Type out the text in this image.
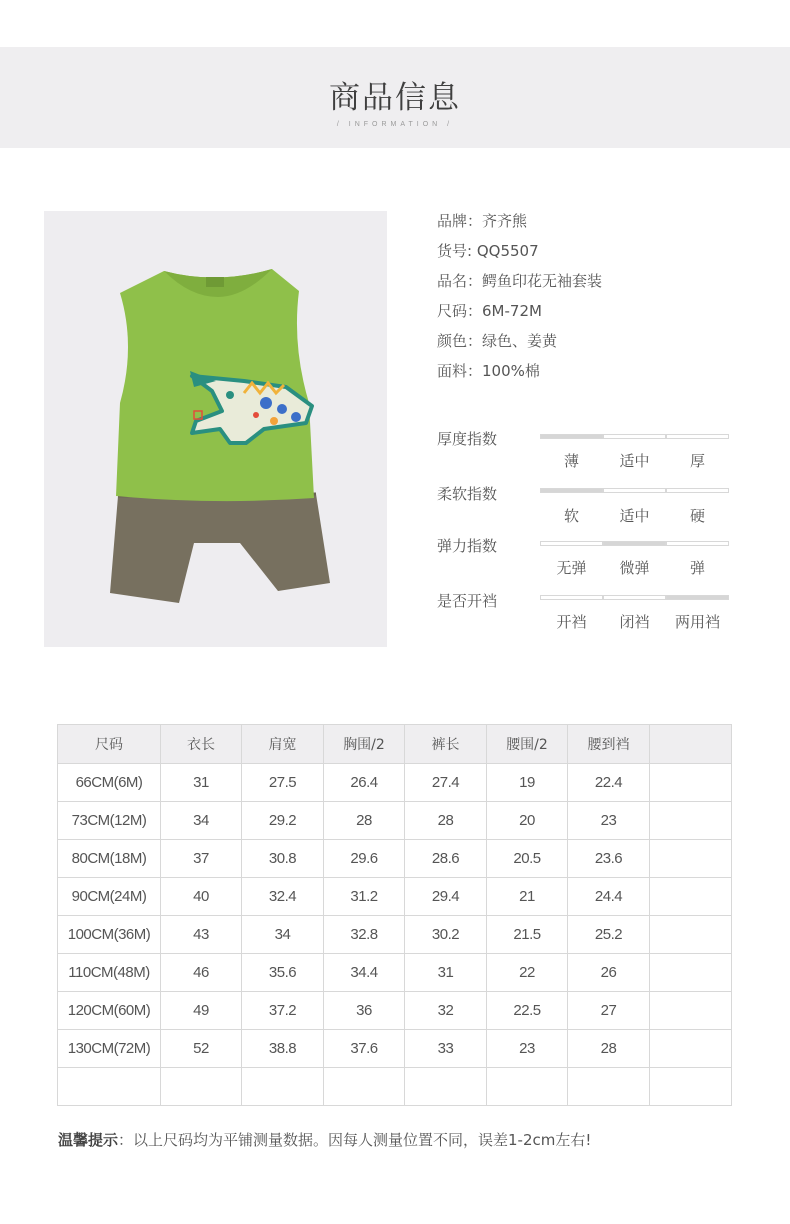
商品信息
/ INFORMATION /
品牌：齐齐熊
货号: QQ5507
品名：鳄鱼印花无袖套装
尺码：6M-72M
颜色：绿色、姜黄
面料：100%棉
厚度指数
薄	适中	厚
柔软指数
软	适中	硬
弹力指数
无弹	微弹	弹
是否开裆
开裆	闭裆	两用裆
尺码	衣长	肩宽	胸围/2	裤长	腰围/2	腰到裆	
66CM(6M)	31	27.5	26.4	27.4	19	22.4	
73CM(12M)	34	29.2	28	28	20	23	
80CM(18M)	37	30.8	29.6	28.6	20.5	23.6	
90CM(24M)	40	32.4	31.2	29.4	21	24.4	
100CM(36M)	43	34	32.8	30.2	21.5	25.2	
110CM(48M)	46	35.6	34.4	31	22	26	
120CM(60M)	49	37.2	36	32	22.5	27	
130CM(72M)	52	38.8	37.6	33	23	28	

温馨提示：以上尺码均为平铺测量数据。因每人测量位置不同，误差1-2cm左右!
